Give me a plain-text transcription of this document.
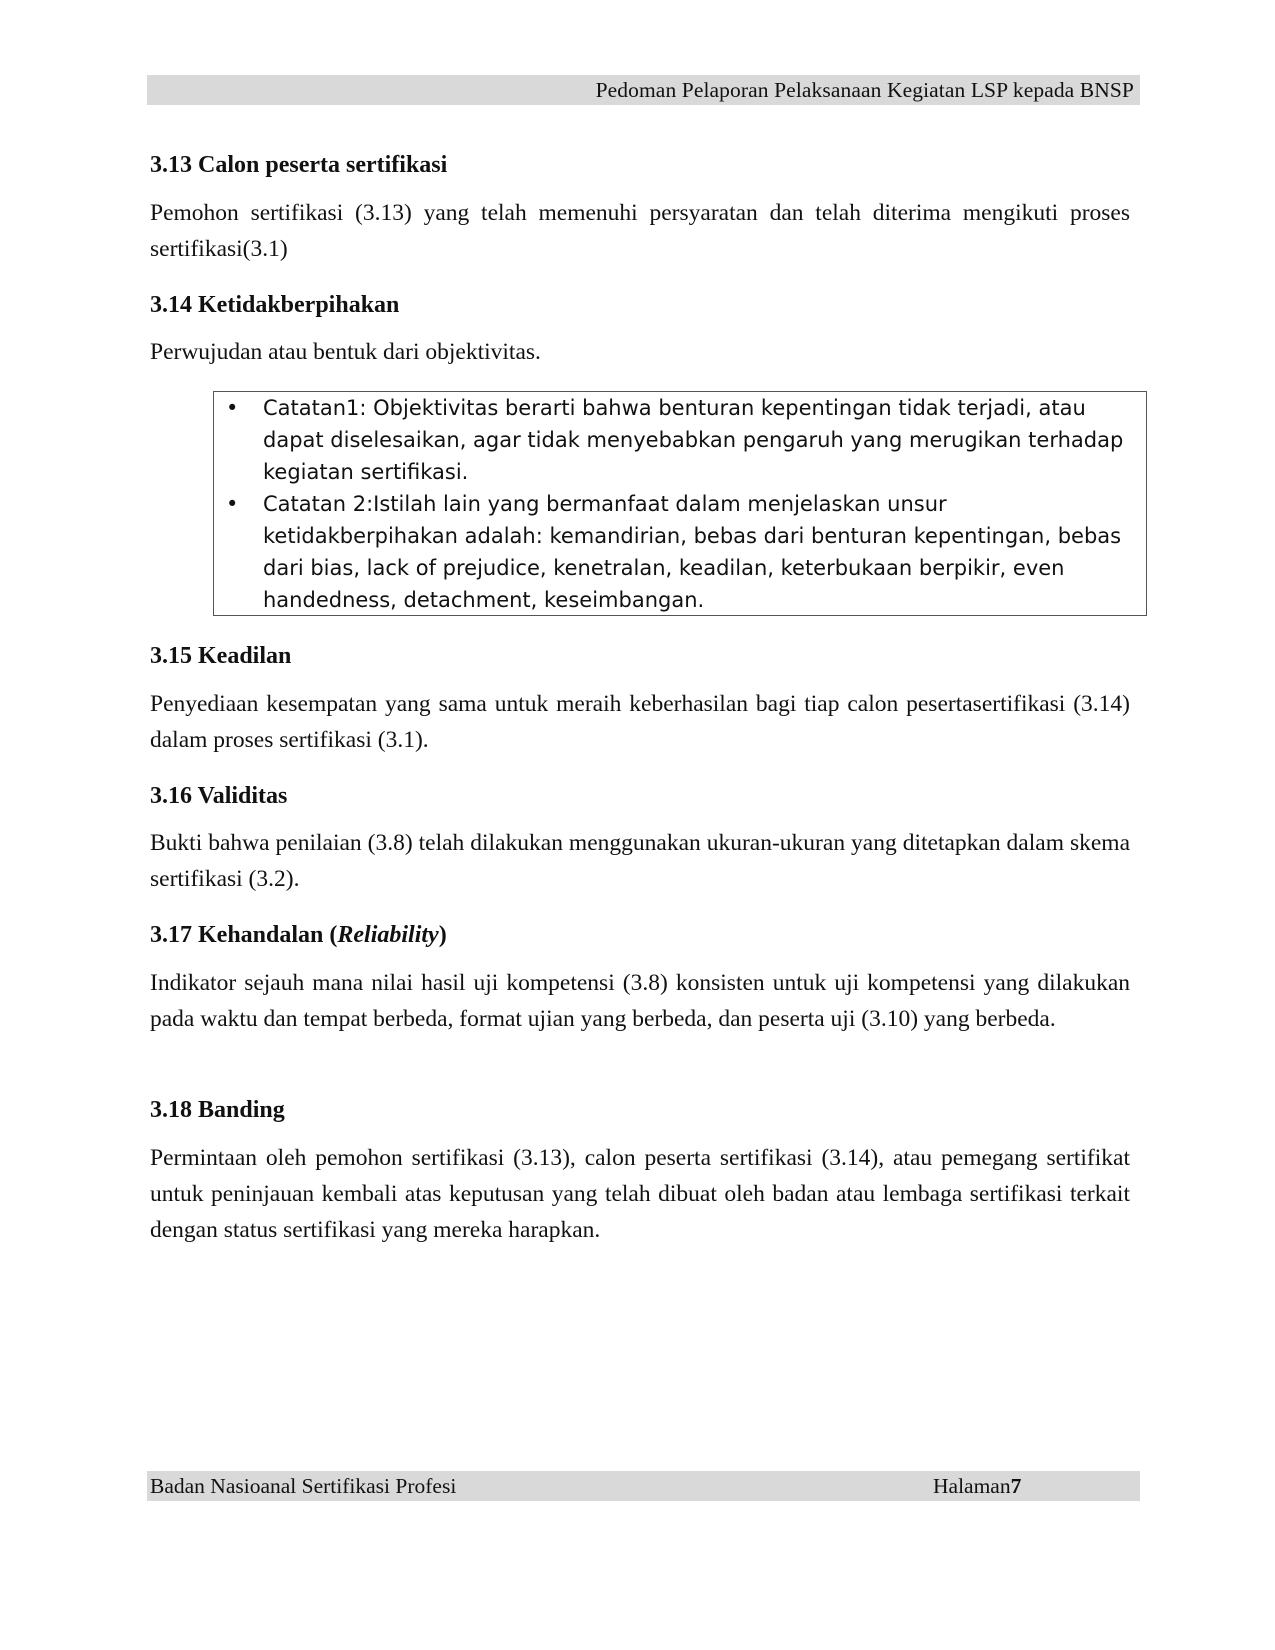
Pedoman Pelaporan Pelaksanaan Kegiatan LSP kepada BNSP
3.13 Calon peserta sertifikasi
Pemohon sertifikasi (3.13) yang telah memenuhi persyaratan dan telah diterima mengikuti proses sertifikasi(3.1)
3.14 Ketidakberpihakan
Perwujudan atau bentuk dari objektivitas.
3.15 Keadilan
Penyediaan kesempatan yang sama untuk meraih keberhasilan bagi tiap calon pesertasertifikasi (3.14) dalam proses sertifikasi (3.1).
3.16 Validitas
Bukti bahwa penilaian (3.8) telah dilakukan menggunakan ukuran-ukuran yang ditetapkan dalam skema sertifikasi (3.2).
3.17 Kehandalan (Reliability)
Indikator sejauh mana nilai hasil uji kompetensi (3.8) konsisten untuk uji kompetensi yang dilakukan pada waktu dan tempat berbeda, format ujian yang berbeda, dan peserta uji (3.10) yang berbeda.
3.18 Banding
Permintaan oleh pemohon sertifikasi (3.13), calon peserta sertifikasi (3.14), atau pemegang sertifikat untuk peninjauan kembali atas keputusan yang telah dibuat oleh badan atau lembaga sertifikasi terkait dengan status sertifikasi yang mereka harapkan.
• Catatan1: Objektivitas berarti bahwa benturan kepentingan tidak terjadi, atau dapat diselesaikan, agar tidak menyebabkan pengaruh yang merugikan terhadap kegiatan sertifikasi.
• Catatan 2:Istilah lain yang bermanfaat dalam menjelaskan unsur ketidakberpihakan adalah: kemandirian, bebas dari benturan kepentingan, bebas dari bias, lack of prejudice, kenetralan, keadilan, keterbukaan berpikir, even handedness, detachment, keseimbangan.
Badan Nasioanal Sertifikasi Profesi	Halaman7
